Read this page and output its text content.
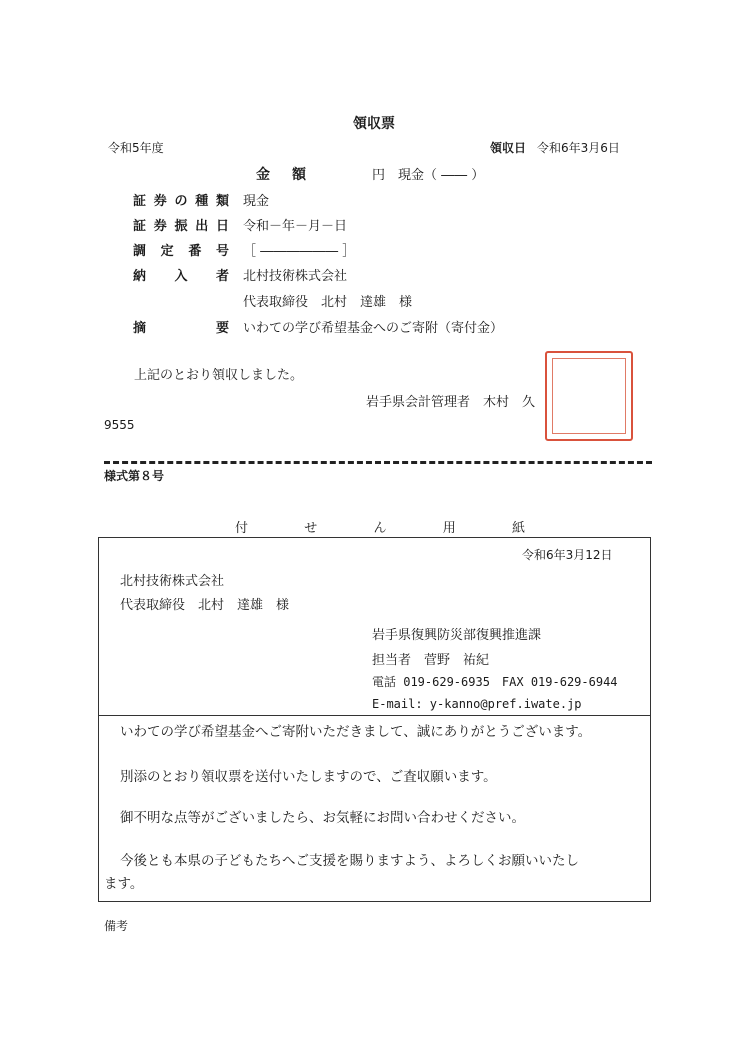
領収票
令和5年度	領収日 令和6年3月6日
金　額	円　現金（ ―― ）
証 券 の 種 類 現金
証 券 振 出 日 令和－年－月－日
調 定 番 号 ［ ―――――― ］
納 入 者 北村技術株式会社
代表取締役　北村　達雄　様
摘	要 いわての学び希望基金へのご寄附（寄付金）
上記のとおり領収しました。
岩手県会計管理者　木村　久
9555
様式第８号
付	せ	ん	用	紙
令和6年3月12日
北村技術株式会社
代表取締役　北村　達雄　様
岩手県復興防災部復興推進課
担当者　菅野　祐紀
電話 019-629-6935　FAX 019-629-6944
E-mail: y-kanno@pref.iwate.jp
いわての学び希望基金へご寄附いただきまして、誠にありがとうございます。
別添のとおり領収票を送付いたしますので、ご査収願います。
御不明な点等がございましたら、お気軽にお問い合わせください。
今後とも本県の子どもたちへご支援を賜りますよう、よろしくお願いいたし
ます。
備考
